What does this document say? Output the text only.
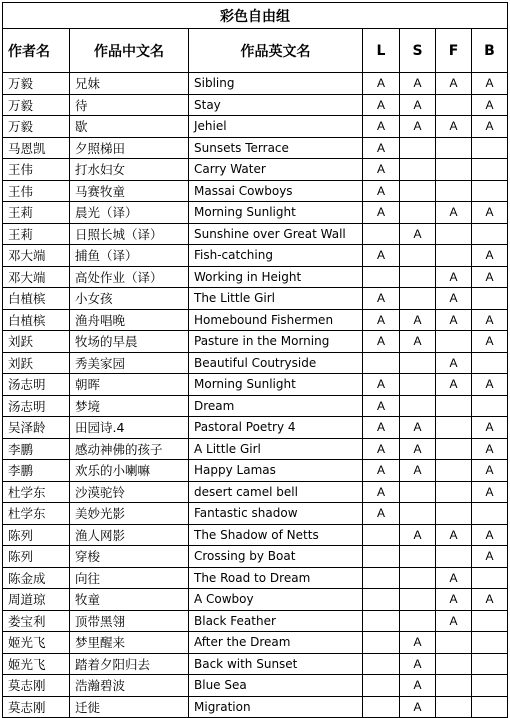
彩色自由组						
作者名	作品中文名	作品英文名	L	S	F	B
万毅	兄妹	Sibling	A	A	A	A
万毅	待	Stay	A	A		A
万毅	歇	Jehiel	A	A	A	A
马恩凯	夕照梯田	Sunsets Terrace	A			
王伟	打水妇女	Carry Water	A			
王伟	马赛牧童	Massai Cowboys	A			
王莉	晨光（译）	Morning Sunlight	A		A	A
王莉	日照长城（译）	Sunshine over Great Wall		A		
邓大端	捕鱼（译）	Fish-catching	A			A
邓大端	高处作业（译）	Working in Height			A	A
白植槟	小女孩	The Little Girl	A		A	
白植槟	渔舟唱晚	Homebound Fishermen	A	A	A	A
刘跃	牧场的早晨	Pasture in the Morning	A	A		A
刘跃	秀美家园	Beautiful Coutryside			A	
汤志明	朝晖	Morning Sunlight	A		A	A
汤志明	梦境	Dream	A			
吴泽龄	田园诗.4	Pastoral Poetry 4	A	A		A
李鹏	感动神佛的孩子	A Little Girl	A	A		A
李鹏	欢乐的小喇嘛	Happy Lamas	A	A		A
杜学东	沙漠驼铃	desert camel bell	A			A
杜学东	美妙光影	Fantastic shadow	A			
陈列	渔人网影	The Shadow of Netts		A	A	A
陈列	穿梭	Crossing by Boat				A
陈金成	向往	The Road to Dream			A	
周道琼	牧童	A Cowboy			A	A
娄宝利	顶带黑翎	Black Feather			A	
姬光飞	梦里醒来	After the Dream		A		
姬光飞	踏着夕阳归去	Back with Sunset		A		
莫志刚	浩瀚碧波	Blue Sea		A		
莫志刚	迁徙	Migration		A		
